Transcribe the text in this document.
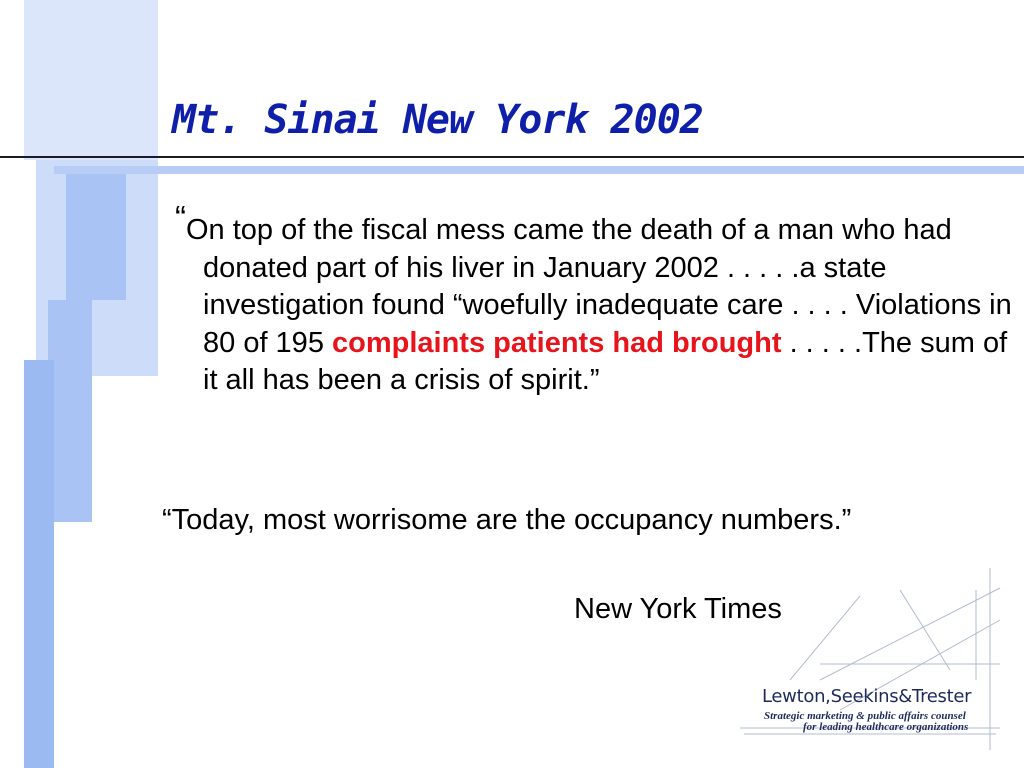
Mt. Sinai New York 2002

“On top of the fiscal mess came the death of a man who had donated part of his liver in January 2002 . . . . .a state investigation found “woefully inadequate care . . . . Violations in 80 of 195 complaints patients had brought . . . . .The sum of it all has been a crisis of spirit.”

“Today, most worrisome are the occupancy numbers.”

New York Times

Lewton,Seekins&Trester

Strategic marketing & public affairs counsel

for leading healthcare organizations
